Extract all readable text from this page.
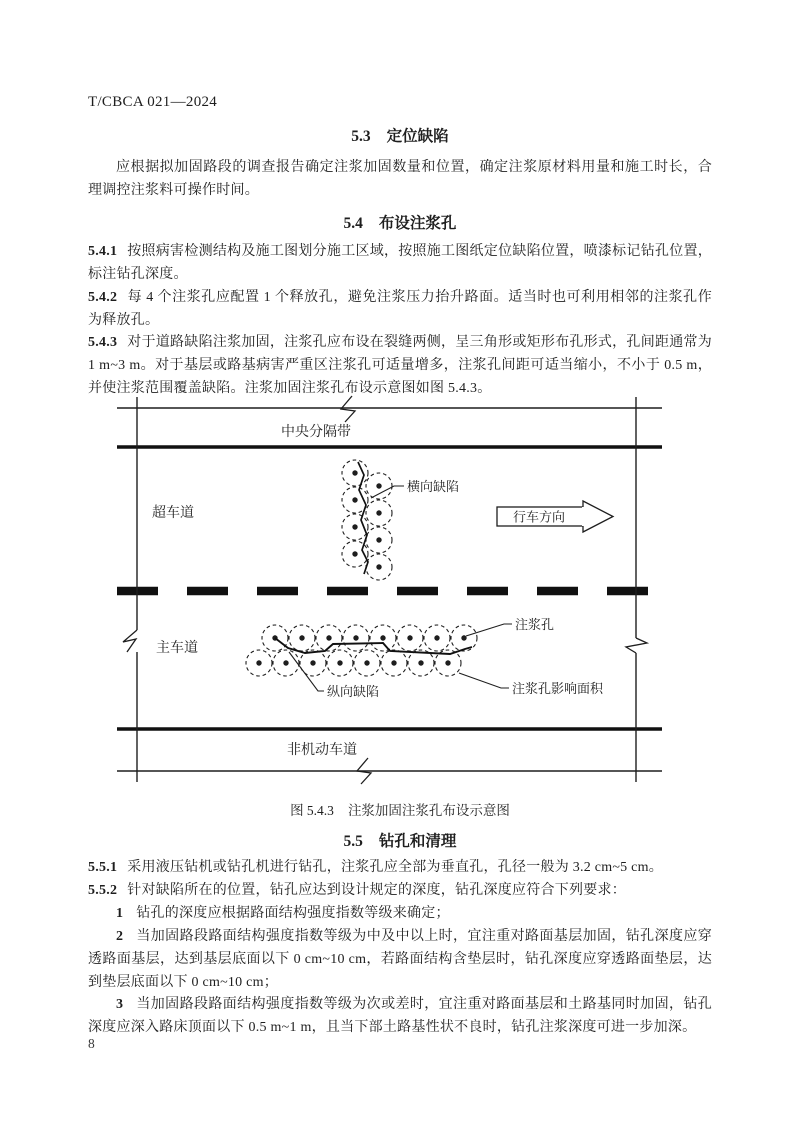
T/CBCA 021—2024
5.3 定位缺陷
应根据拟加固路段的调查报告确定注浆加固数量和位置，确定注浆原材料用量和施工时长，合理调控注浆料可操作时间。
5.4 布设注浆孔
5.4.1 按照病害检测结构及施工图划分施工区域，按照施工图纸定位缺陷位置，喷漆标记钻孔位置，标注钻孔深度。
5.4.2 每 4 个注浆孔应配置 1 个释放孔，避免注浆压力抬升路面。适当时也可利用相邻的注浆孔作为释放孔。
5.4.3 对于道路缺陷注浆加固，注浆孔应布设在裂缝两侧，呈三角形或矩形布孔形式，孔间距通常为 1 m~3 m。对于基层或路基病害严重区注浆孔可适量增多，注浆孔间距可适当缩小，不小于 0.5 m，并使注浆范围覆盖缺陷。注浆加固注浆孔布设示意图如图 5.4.3。
中央分隔带
超车道
主车道
非机动车道
横向缺陷
行车方向
注浆孔
注浆孔影响面积
纵向缺陷
图 5.4.3 注浆加固注浆孔布设示意图
5.5 钻孔和清理
5.5.1 采用液压钻机或钻孔机进行钻孔，注浆孔应全部为垂直孔，孔径一般为 3.2 cm~5 cm。
5.5.2 针对缺陷所在的位置，钻孔应达到设计规定的深度，钻孔深度应符合下列要求：
1 钻孔的深度应根据路面结构强度指数等级来确定；
2 当加固路段路面结构强度指数等级为中及中以上时，宜注重对路面基层加固，钻孔深度应穿透路面基层，达到基层底面以下 0 cm~10 cm，若路面结构含垫层时，钻孔深度应穿透路面垫层，达到垫层底面以下 0 cm~10 cm；
3 当加固路段路面结构强度指数等级为次或差时，宜注重对路面基层和土路基同时加固，钻孔深度应深入路床顶面以下 0.5 m~1 m，且当下部土路基性状不良时，钻孔注浆深度可进一步加深。
8
